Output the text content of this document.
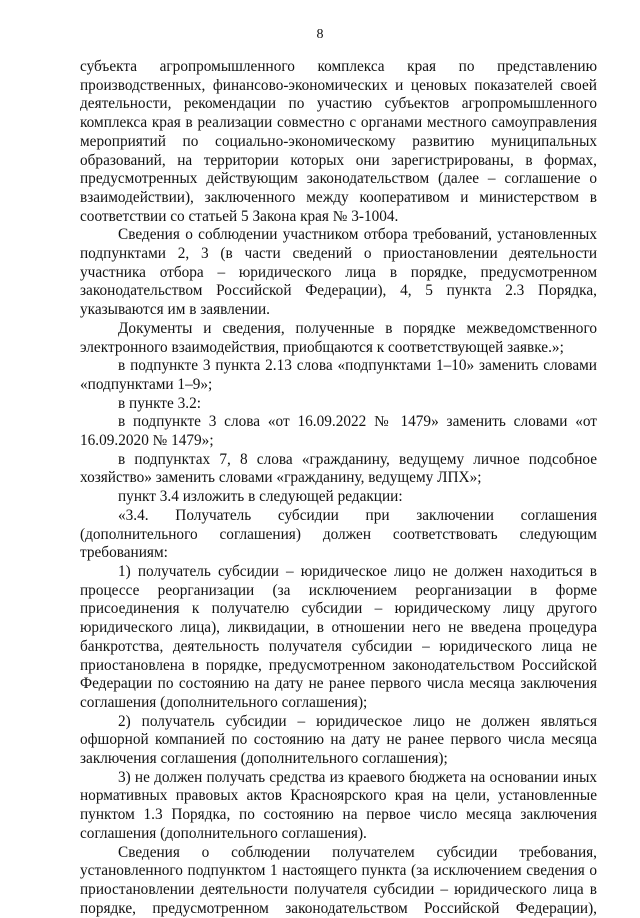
8

субъекта агропромышленного комплекса края по представлению производственных, финансово-экономических и ценовых показателей своей деятельности, рекомендации по участию субъектов агропромышленного комплекса края в реализации совместно с органами местного самоуправления мероприятий по социально-экономическому развитию муниципальных образований, на территории которых они зарегистрированы, в формах, предусмотренных действующим законодательством (далее – соглашение о взаимодействии), заключенного между кооперативом и министерством в соответствии со статьей 5 Закона края № 3-1004.

Сведения о соблюдении участником отбора требований, установленных подпунктами 2, 3 (в части сведений о приостановлении деятельности участника отбора – юридического лица в порядке, предусмотренном законодательством Российской Федерации), 4, 5 пункта 2.3 Порядка, указываются им в заявлении.

Документы и сведения, полученные в порядке межведомственного электронного взаимодействия, приобщаются к соответствующей заявке.»;

в подпункте 3 пункта 2.13 слова «подпунктами 1–10» заменить словами «подпунктами 1–9»;

в пункте 3.2:

в подпункте 3 слова «от 16.09.2022 № 1479» заменить словами «от 16.09.2020 № 1479»;

в подпунктах 7, 8 слова «гражданину, ведущему личное подсобное хозяйство» заменить словами «гражданину, ведущему ЛПХ»;

пункт 3.4 изложить в следующей редакции:

«3.4. Получатель субсидии при заключении соглашения (дополнительного соглашения) должен соответствовать следующим требованиям:

1) получатель субсидии – юридическое лицо не должен находиться в процессе реорганизации (за исключением реорганизации в форме присоединения к получателю субсидии – юридическому лицу другого юридического лица), ликвидации, в отношении него не введена процедура банкротства, деятельность получателя субсидии – юридического лица не приостановлена в порядке, предусмотренном законодательством Российской Федерации по состоянию на дату не ранее первого числа месяца заключения соглашения (дополнительного соглашения);

2) получатель субсидии – юридическое лицо не должен являться офшорной компанией по состоянию на дату не ранее первого числа месяца заключения соглашения (дополнительного соглашения);

3) не должен получать средства из краевого бюджета на основании иных нормативных правовых актов Красноярского края на цели, установленные пунктом 1.3 Порядка, по состоянию на первое число месяца заключения соглашения (дополнительного соглашения).

Сведения о соблюдении получателем субсидии требования, установленного подпунктом 1 настоящего пункта (за исключением сведения о приостановлении деятельности получателя субсидии – юридического лица в порядке, предусмотренном законодательством Российской Федерации),
